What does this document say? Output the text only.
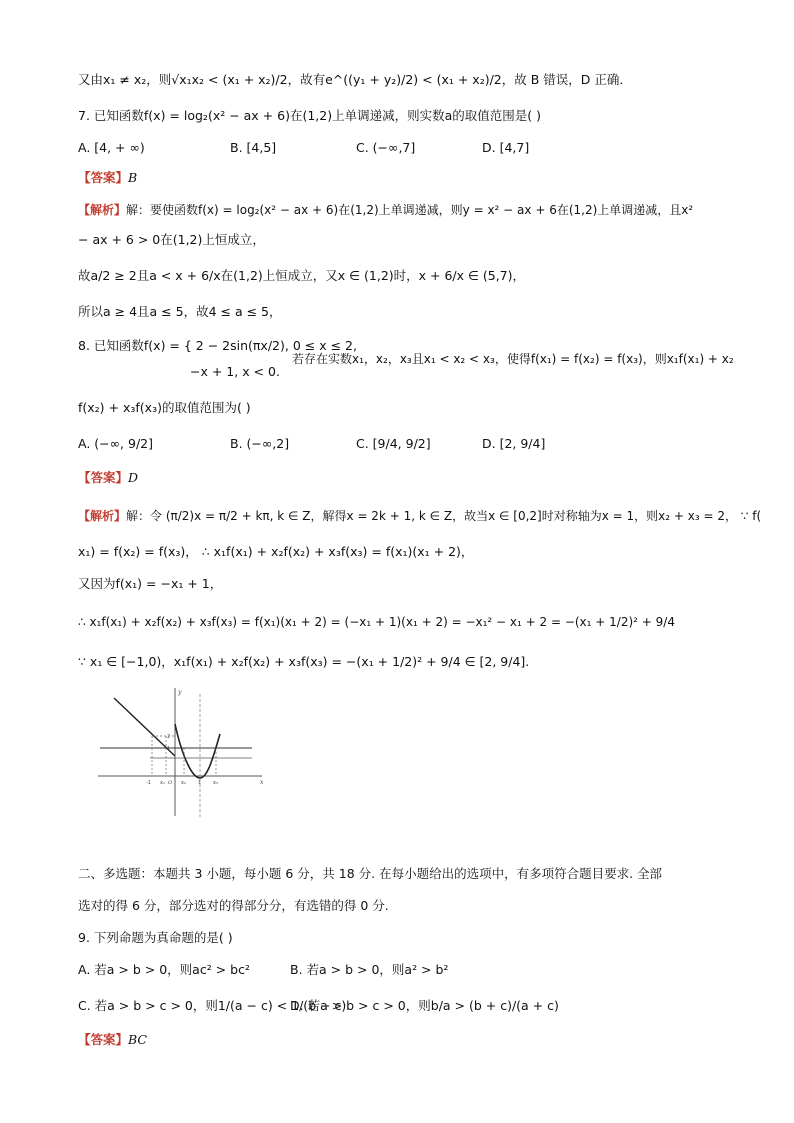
又由x₁ ≠ x₂，则√x₁x₂ < (x₁ + x₂)/2，故有e^((y₁ + y₂)/2) < (x₁ + x₂)/2，故 B 错误，D 正确．
7. 已知函数f(x) = log₂(x² − ax + 6)在(1,2)上单调递减，则实数a的取值范围是( )
A. [4, + ∞)	B. [4,5]	C. (−∞,7]	D. [4,7]
【答案】B
【解析】解：要使函数f(x) = log₂(x² − ax + 6)在(1,2)上单调递减，则y = x² − ax + 6在(1,2)上单调递减，且x²
− ax + 6 > 0在(1,2)上恒成立，
故a/2 ≥ 2且a < x + 6/x在(1,2)上恒成立，又x ∈ (1,2)时，x + 6/x ∈ (5,7)，
所以a ≥ 4且a ≤ 5，故4 ≤ a ≤ 5，
8. 已知函数f(x) = { 2 − 2sin(πx/2), 0 ≤ x ≤ 2,
−x + 1, x < 0.
若存在实数x₁，x₂，x₃且x₁ < x₂ < x₃，使得f(x₁) = f(x₂) = f(x₃)，则x₁f(x₁) + x₂
f(x₂) + x₃f(x₃)的取值范围为( )
A. (−∞, 9/2]	B. (−∞,2]	C. [9/4, 9/2]	D. [2, 9/4]
【答案】D
【解析】解：令 (π/2)x = π/2 + kπ, k ∈ Z，解得x = 2k + 1, k ∈ Z，故当x ∈ [0,2]时对称轴为x = 1，则x₂ + x₃ = 2， ∵ f(
x₁) = f(x₂) = f(x₃)， ∴ x₁f(x₁) + x₂f(x₂) + x₃f(x₃) = f(x₁)(x₁ + 2)，
又因为f(x₁) = −x₁ + 1，
∴ x₁f(x₁) + x₂f(x₂) + x₃f(x₃) = f(x₁)(x₁ + 2) = (−x₁ + 1)(x₁ + 2) = −x₁² − x₁ + 2 = −(x₁ + 1/2)² + 9/4
∵ x₁ ∈ [−1,0)，x₁f(x₁) + x₂f(x₂) + x₃f(x₃) = −(x₁ + 1/2)² + 9/4 ∈ [2, 9/4].
y
x
2
1
O
-1 x₁	x₂ 1 x₃
二、多选题：本题共 3 小题，每小题 6 分，共 18 分. 在每小题给出的选项中，有多项符合题目要求. 全部
选对的得 6 分，部分选对的得部分分，有选错的得 0 分.
9. 下列命题为真命题的是( )
A. 若a > b > 0，则ac² > bc²	B. 若a > b > 0，则a² > b²
C. 若a > b > c > 0，则1/(a − c) < 1/(b − c)
D. 若a > b > c > 0，则b/a > (b + c)/(a + c)
【答案】BC
